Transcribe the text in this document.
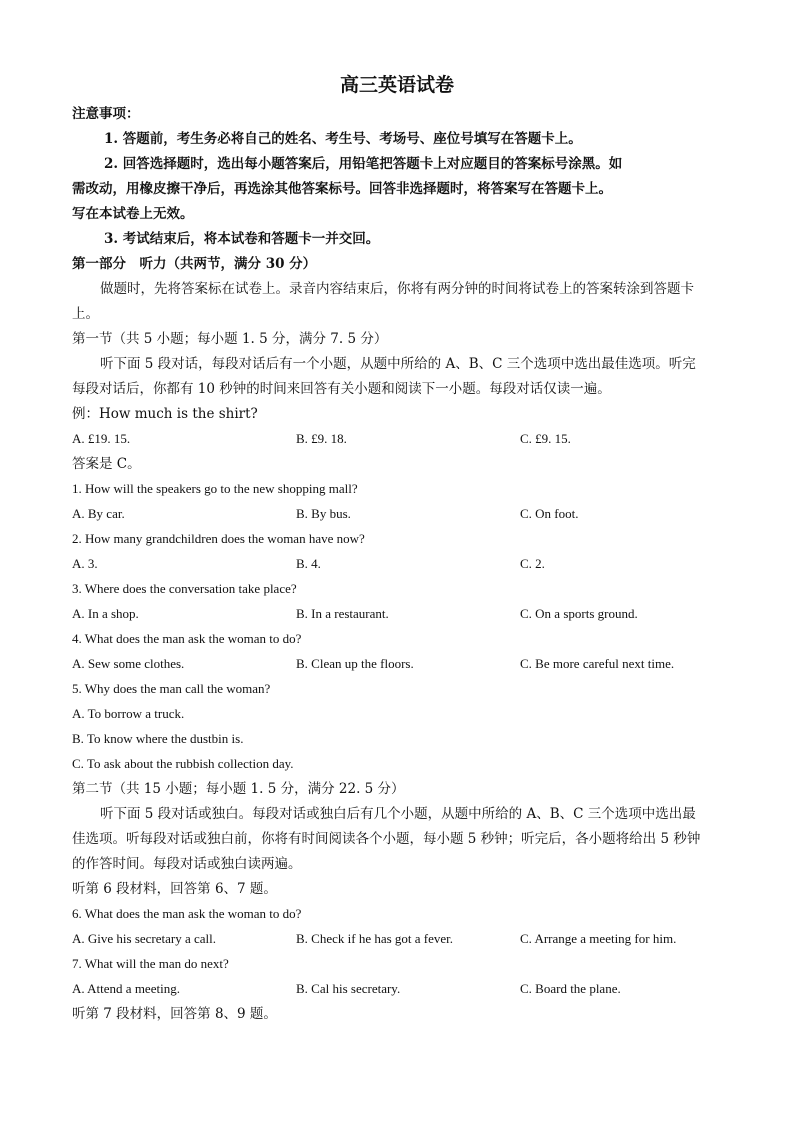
高三英语试卷
注意事项：
1. 答题前，考生务必将自己的姓名、考生号、考场号、座位号填写在答题卡上。
2. 回答选择题时，选出每小题答案后，用铅笔把答题卡上对应题目的答案标号涂黑。如
需改动，用橡皮擦干净后，再选涂其他答案标号。回答非选择题时，将答案写在答题卡上。
写在本试卷上无效。
3. 考试结束后，将本试卷和答题卡一并交回。
第一部分　听力（共两节，满分 30 分）
做题时，先将答案标在试卷上。录音内容结束后，你将有两分钟的时间将试卷上的答案转涂到答题卡
上。
第一节（共 5 小题；每小题 1. 5 分，满分 7. 5 分）
听下面 5 段对话，每段对话后有一个小题，从题中所给的 A、B、C 三个选项中选出最佳选项。听完
每段对话后，你都有 10 秒钟的时间来回答有关小题和阅读下一小题。每段对话仅读一遍。
例：How much is the shirt?
A. £19. 15.	B. £9. 18.	C. £9. 15.
答案是 C。
1. How will the speakers go to the new shopping mall?
A. By car.	B. By bus.	C. On foot.
2. How many grandchildren does the woman have now?
A. 3.	B. 4.	C. 2.
3. Where does the conversation take place?
A. In a shop.	B. In a restaurant.	C. On a sports ground.
4. What does the man ask the woman to do?
A. Sew some clothes.	B. Clean up the floors.	C. Be more careful next time.
5. Why does the man call the woman?
A. To borrow a truck.
B. To know where the dustbin is.
C. To ask about the rubbish collection day.
第二节（共 15 小题；每小题 1. 5 分，满分 22. 5 分）
听下面 5 段对话或独白。每段对话或独白后有几个小题，从题中所给的 A、B、C 三个选项中选出最
佳选项。听每段对话或独白前，你将有时间阅读各个小题，每小题 5 秒钟；听完后，各小题将给出 5 秒钟
的作答时间。每段对话或独白读两遍。
听第 6 段材料，回答第 6、7 题。
6. What does the man ask the woman to do?
A. Give his secretary a call.	B. Check if he has got a fever.	C. Arrange a meeting for him.
7. What will the man do next?
A. Attend a meeting.	B. Cal his secretary.	C. Board the plane.
听第 7 段材料，回答第 8、9 题。
